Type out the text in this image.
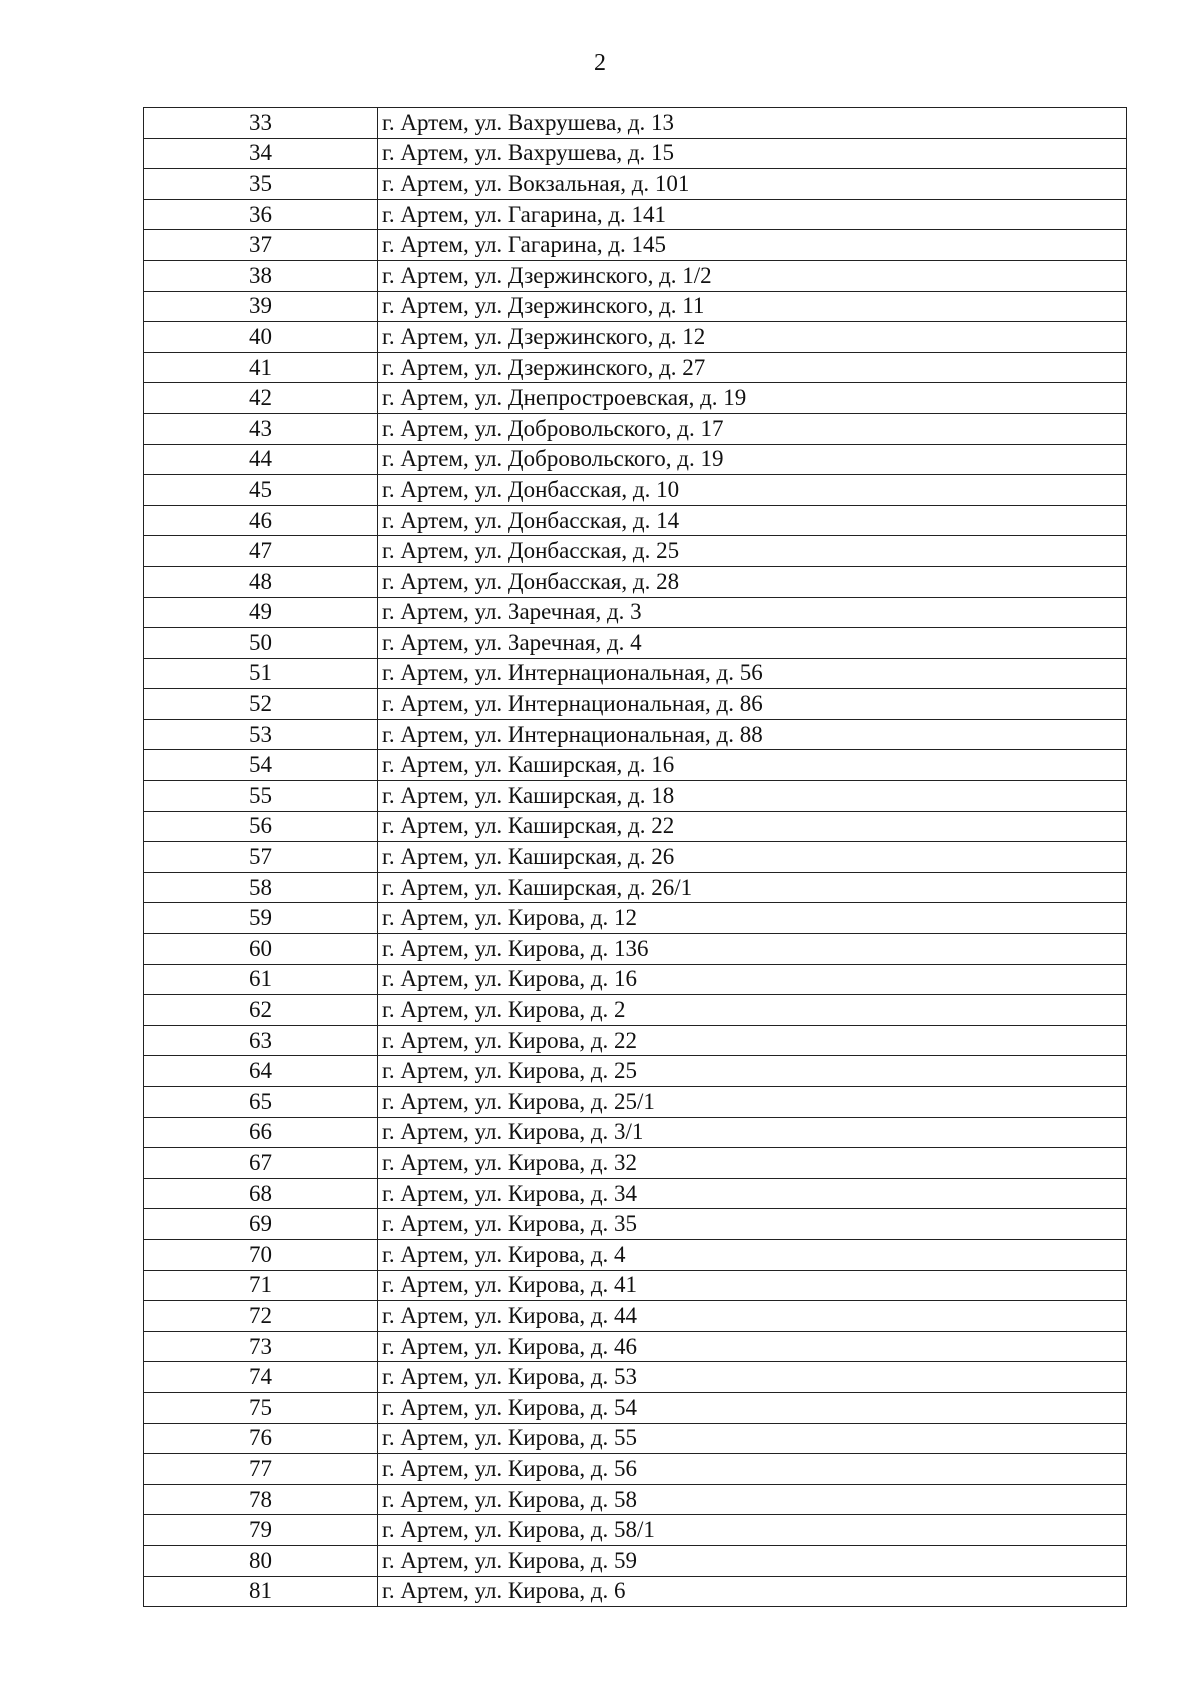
2
33	г. Артем, ул. Вахрушева, д. 13
34	г. Артем, ул. Вахрушева, д. 15
35	г. Артем, ул. Вокзальная, д. 101
36	г. Артем, ул. Гагарина, д. 141
37	г. Артем, ул. Гагарина, д. 145
38	г. Артем, ул. Дзержинского, д. 1/2
39	г. Артем, ул. Дзержинского, д. 11
40	г. Артем, ул. Дзержинского, д. 12
41	г. Артем, ул. Дзержинского, д. 27
42	г. Артем, ул. Днепростроевская, д. 19
43	г. Артем, ул. Добровольского, д. 17
44	г. Артем, ул. Добровольского, д. 19
45	г. Артем, ул. Донбасская, д. 10
46	г. Артем, ул. Донбасская, д. 14
47	г. Артем, ул. Донбасская, д. 25
48	г. Артем, ул. Донбасская, д. 28
49	г. Артем, ул. Заречная, д. 3
50	г. Артем, ул. Заречная, д. 4
51	г. Артем, ул. Интернациональная, д. 56
52	г. Артем, ул. Интернациональная, д. 86
53	г. Артем, ул. Интернациональная, д. 88
54	г. Артем, ул. Каширская, д. 16
55	г. Артем, ул. Каширская, д. 18
56	г. Артем, ул. Каширская, д. 22
57	г. Артем, ул. Каширская, д. 26
58	г. Артем, ул. Каширская, д. 26/1
59	г. Артем, ул. Кирова, д. 12
60	г. Артем, ул. Кирова, д. 136
61	г. Артем, ул. Кирова, д. 16
62	г. Артем, ул. Кирова, д. 2
63	г. Артем, ул. Кирова, д. 22
64	г. Артем, ул. Кирова, д. 25
65	г. Артем, ул. Кирова, д. 25/1
66	г. Артем, ул. Кирова, д. 3/1
67	г. Артем, ул. Кирова, д. 32
68	г. Артем, ул. Кирова, д. 34
69	г. Артем, ул. Кирова, д. 35
70	г. Артем, ул. Кирова, д. 4
71	г. Артем, ул. Кирова, д. 41
72	г. Артем, ул. Кирова, д. 44
73	г. Артем, ул. Кирова, д. 46
74	г. Артем, ул. Кирова, д. 53
75	г. Артем, ул. Кирова, д. 54
76	г. Артем, ул. Кирова, д. 55
77	г. Артем, ул. Кирова, д. 56
78	г. Артем, ул. Кирова, д. 58
79	г. Артем, ул. Кирова, д. 58/1
80	г. Артем, ул. Кирова, д. 59
81	г. Артем, ул. Кирова, д. 6
